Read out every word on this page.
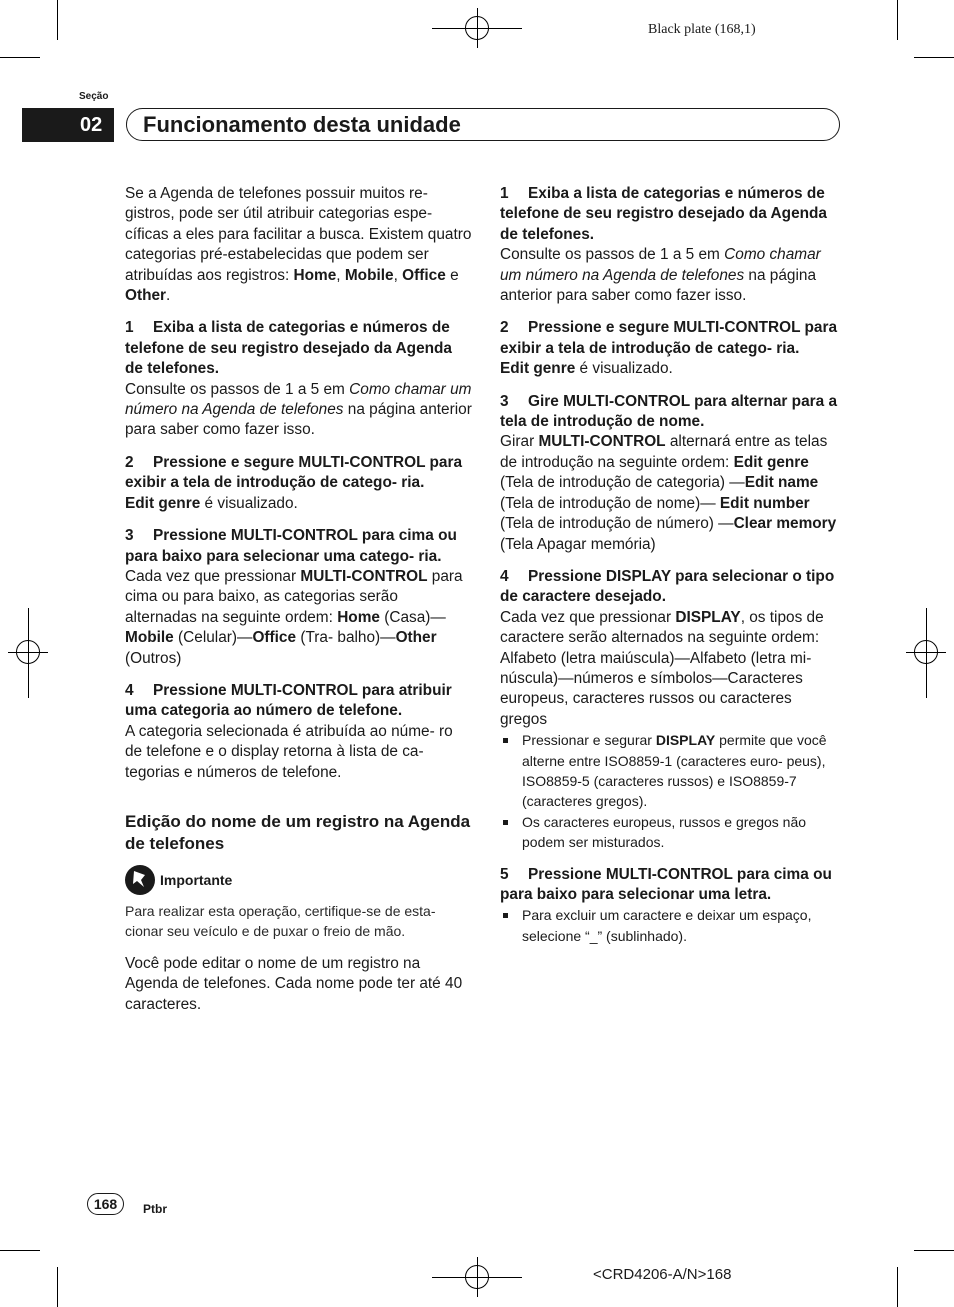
Black plate (168,1)
Seção
02	Funcionamento desta unidade

Se a Agenda de telefones possuir muitos re- gistros, pode ser útil atribuir categorias espe- cíficas a eles para facilitar a busca. Existem quatro categorias pré-estabelecidas que podem ser atribuídas aos registros: Home, Mobile, Office e Other.

1 Exiba a lista de categorias e números de telefone de seu registro desejado da Agenda de telefones.

Consulte os passos de 1 a 5 em Como chamar um número na Agenda de telefones na página anterior para saber como fazer isso.

2 Pressione e segure MULTI-CONTROL para exibir a tela de introdução de catego- ria.

Edit genre é visualizado.

3 Pressione MULTI-CONTROL para cima ou para baixo para selecionar uma catego- ria.

Cada vez que pressionar MULTI-CONTROL para cima ou para baixo, as categorias serão alternadas na seguinte ordem: Home (Casa)—Mobile (Celular)—Office (Tra- balho)—Other (Outros)

4 Pressione MULTI-CONTROL para atribuir uma categoria ao número de telefone.

A categoria selecionada é atribuída ao núme- ro de telefone e o display retorna à lista de ca- tegorias e números de telefone.

Edição do nome de um registro na Agenda de telefones
Importante

Para realizar esta operação, certifique-se de esta- cionar seu veículo e de puxar o freio de mão.

Você pode editar o nome de um registro na Agenda de telefones. Cada nome pode ter até 40 caracteres.

1 Exiba a lista de categorias e números de telefone de seu registro desejado da Agenda de telefones.

Consulte os passos de 1 a 5 em Como chamar um número na Agenda de telefones na página anterior para saber como fazer isso.

2 Pressione e segure MULTI-CONTROL para exibir a tela de introdução de catego- ria.

Edit genre é visualizado.

3 Gire MULTI-CONTROL para alternar para a tela de introdução de nome.

Girar MULTI-CONTROL alternará entre as telas de introdução na seguinte ordem: Edit genre (Tela de introdução de categoria) —Edit name (Tela de introdução de nome)— Edit number (Tela de introdução de número) —Clear memory (Tela Apagar memória)

4 Pressione DISPLAY para selecionar o tipo de caractere desejado.

Cada vez que pressionar DISPLAY, os tipos de caractere serão alternados na seguinte ordem: Alfabeto (letra maiúscula)—Alfabeto (letra mi- núscula)—números e símbolos—Caracteres europeus, caracteres russos ou caracteres gregos

Pressionar e segurar DISPLAY permite que você alterne entre ISO8859-1 (caracteres euro- peus), ISO8859-5 (caracteres russos) e ISO8859-7 (caracteres gregos).

Os caracteres europeus, russos e gregos não podem ser misturados.

5 Pressione MULTI-CONTROL para cima ou para baixo para selecionar uma letra.

Para excluir um caractere e deixar um espaço, selecione “_” (sublinhado).

168	Ptbr
<CRD4206-A/N>168
